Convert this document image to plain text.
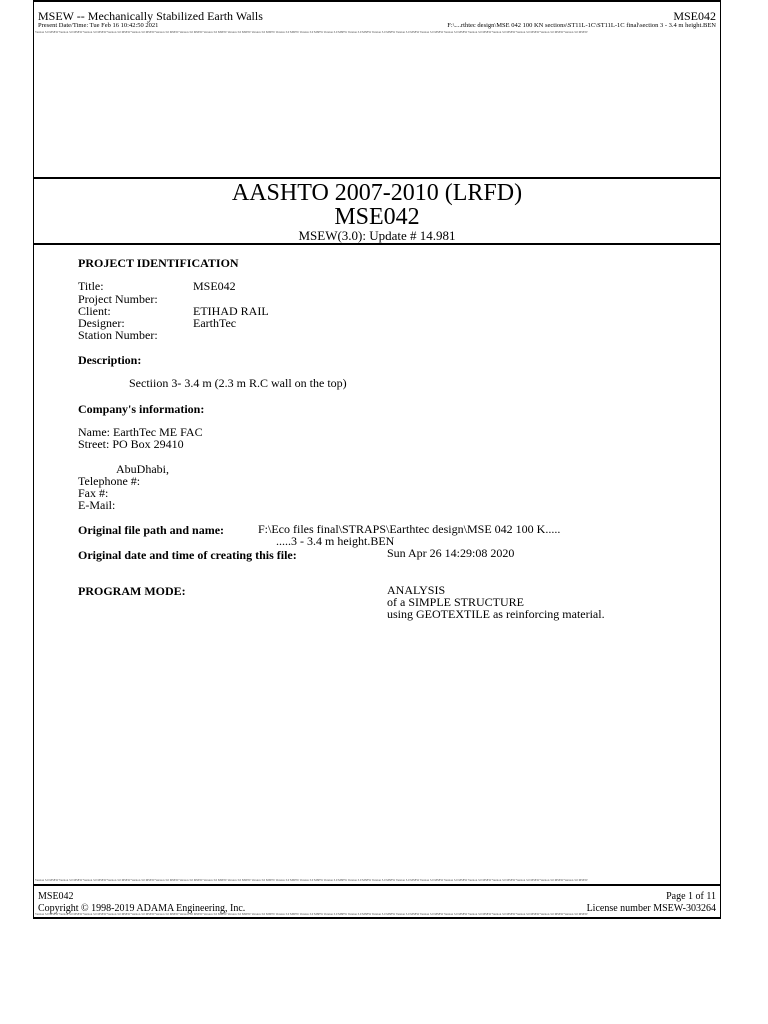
MSEW -- Mechanically Stabilized Earth Walls	MSE042
Present Date/Time: Tue Feb 16 10:42:50 2021	F:\....rthtec design\MSE 042 100 KN sections\ST11L-1C\ST11L-1C final\section 3 - 3.4 m height.BEN
Version 3.0 MSEW Version 3.0 MSEW Version 3.0 MSEW Version 3.0 MSEW Version 3.0 MSEW Version 3.0 MSEW Version 3.0 MSEW Version 3.0 MSEW Version 3.0 MSEW Version 3.0 MSEW Version 3.0 MSEW Version 3.0 MSEW Version 3.0 MSEW Version 3.0 MSEW Version 3.0 MSEW Version 3.0 MSEW Version 3.0 MSEW Version 3.0 MSEW Version 3.0 MSEW Version 3.0 MSEW Version 3.0 MSEW Version 3.0 MSEW Version 3.0 MSEW
AASHTO 2007-2010 (LRFD)
MSE042
MSEW(3.0): Update # 14.981
PROJECT IDENTIFICATION
Title:	MSE042
Project Number:
Client:	ETIHAD RAIL
Designer:	EarthTec
Station Number:
Description:
Sectiion 3- 3.4 m (2.3 m R.C wall on the top)
Company's information:
Name: EarthTec ME FAC
Street: PO Box 29410
AbuDhabi,
Telephone #:
Fax #:
E-Mail:
Original file path and name:	F:\Eco files final\STRAPS\Earthtec design\MSE 042 100 K.....
.....3 - 3.4 m height.BEN
Original date and time of creating this file:	Sun Apr 26 14:29:08 2020
PROGRAM MODE:	ANALYSIS
of a SIMPLE STRUCTURE
using GEOTEXTILE as reinforcing material.
Version 3.0 MSEW Version 3.0 MSEW Version 3.0 MSEW Version 3.0 MSEW Version 3.0 MSEW Version 3.0 MSEW Version 3.0 MSEW Version 3.0 MSEW Version 3.0 MSEW Version 3.0 MSEW Version 3.0 MSEW Version 3.0 MSEW Version 3.0 MSEW Version 3.0 MSEW Version 3.0 MSEW Version 3.0 MSEW Version 3.0 MSEW Version 3.0 MSEW Version 3.0 MSEW Version 3.0 MSEW Version 3.0 MSEW Version 3.0 MSEW Version 3.0 MSEW
MSE042	Page 1 of 11
Copyright © 1998-2019 ADAMA Engineering, Inc.	License number MSEW-303264
Version 3.0 MSEW Version 3.0 MSEW Version 3.0 MSEW Version 3.0 MSEW Version 3.0 MSEW Version 3.0 MSEW Version 3.0 MSEW Version 3.0 MSEW Version 3.0 MSEW Version 3.0 MSEW Version 3.0 MSEW Version 3.0 MSEW Version 3.0 MSEW Version 3.0 MSEW Version 3.0 MSEW Version 3.0 MSEW Version 3.0 MSEW Version 3.0 MSEW Version 3.0 MSEW Version 3.0 MSEW Version 3.0 MSEW Version 3.0 MSEW Version 3.0 MSEW
